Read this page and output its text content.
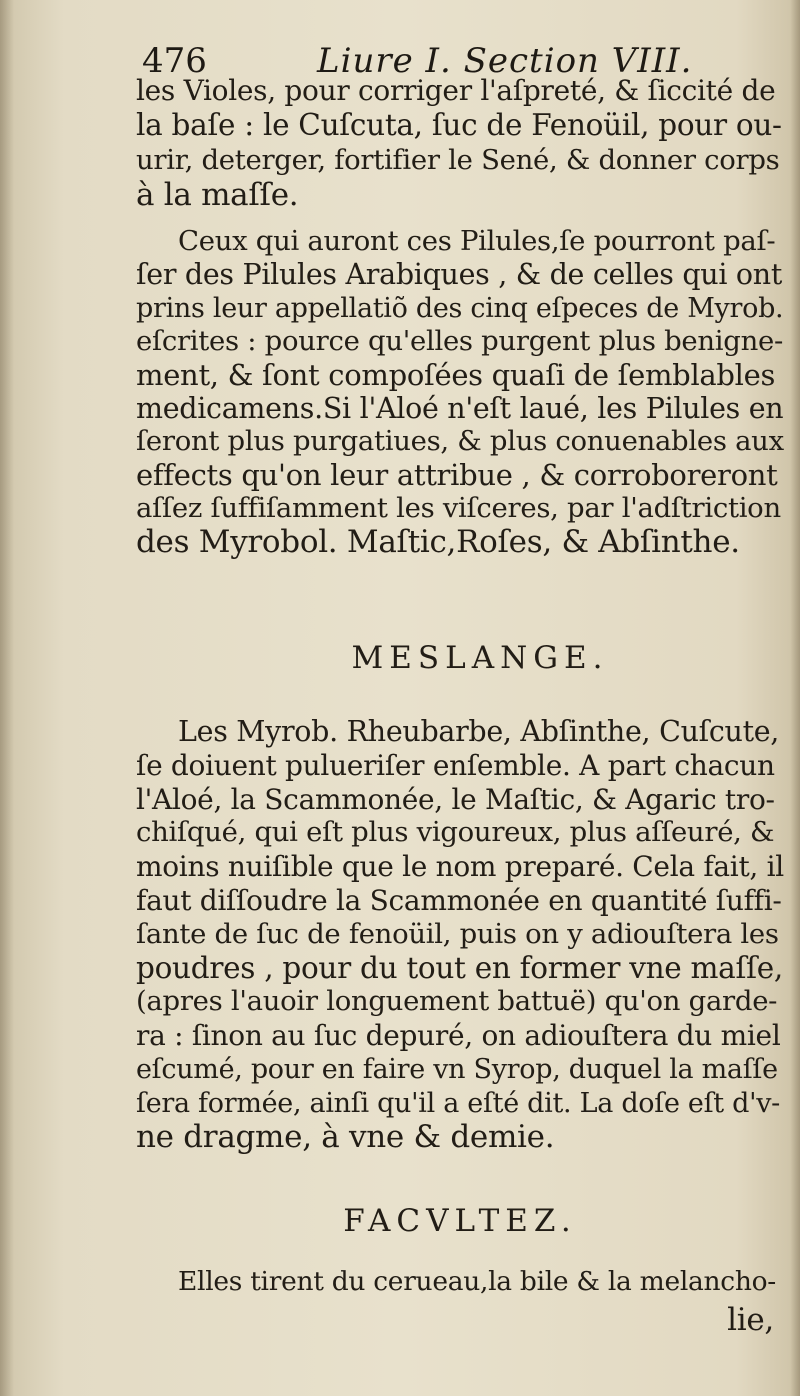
476	Liure I. Section VIII.
les Violes, pour corriger l'aſpreté, & ſiccité de
la baſe : le Cuſcuta, ſuc de Fenoüil, pour ou-
urir, deterger, fortifier le Sené, & donner corps
à la maſſe.
Ceux qui auront ces Pilules,ſe pourront paſ-
ſer des Pilules Arabiques , & de celles qui ont
prins leur appellatiõ des cinq eſpeces de Myrob.
eſcrites : pource qu'elles purgent plus benigne-
ment, & ſont compoſées quaſi de ſemblables
medicamens.Si l'Aloé n'eſt laué, les Pilules en
ſeront plus purgatiues, & plus conuenables aux
effects qu'on leur attribue , & corroboreront
aſſez ſuffiſamment les viſceres, par l'adſtriction
des Myrobol. Maſtic,Roſes, & Abſinthe.
MESLANGE.
Les Myrob. Rheubarbe, Abſinthe, Cuſcute,
ſe doiuent pulueriſer enſemble. A part chacun
l'Aloé, la Scammonée, le Maſtic, & Agaric tro-
chiſqué, qui eſt plus vigoureux, plus aſſeuré, &
moins nuiſible que le nom preparé. Cela fait, il
faut diſſoudre la Scammonée en quantité ſuffi-
ſante de ſuc de fenoüil, puis on y adiouſtera les
poudres , pour du tout en former vne maſſe,
(apres l'auoir longuement battuë) qu'on garde-
ra : ſinon au ſuc depuré, on adiouſtera du miel
eſcumé, pour en faire vn Syrop, duquel la maſſe
ſera formée, ainſi qu'il a eſté dit. La doſe eſt d'v-
ne dragme, à vne & demie.
FACVLTEZ.
Elles tirent du cerueau,la bile & la melancho-
lie,
